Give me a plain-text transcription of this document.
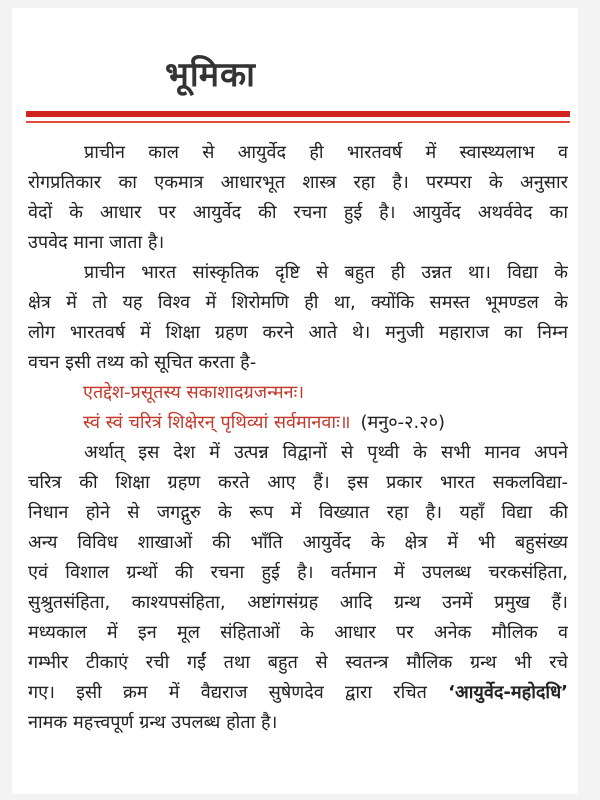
भूमिका

प्राचीन काल से आयुर्वेद ही भारतवर्ष में स्वास्थ्यलाभ व
रोगप्रतिकार का एकमात्र आधारभूत शास्त्र रहा है। परम्परा के अनुसार
वेदों के आधार पर आयुर्वेद की रचना हुई है। आयुर्वेद अथर्ववेद का
उपवेद माना जाता है।

प्राचीन भारत सांस्कृतिक दृष्टि से बहुत ही उन्नत था। विद्या के
क्षेत्र में तो यह विश्व में शिरोमणि ही था, क्योंकि समस्त भूमण्डल के
लोग भारतवर्ष में शिक्षा ग्रहण करने आते थे। मनुजी महाराज का निम्न
वचन इसी तथ्य को सूचित करता है-

एतद्देश-प्रसूतस्य सकाशादग्रजन्मनः।
स्वं स्वं चरित्रं शिक्षेरन् पृथिव्यां सर्वमानवाः॥ (मनु०-२.२०)

अर्थात् इस देश में उत्पन्न विद्वानों से पृथ्वी के सभी मानव अपने
चरित्र की शिक्षा ग्रहण करते आए हैं। इस प्रकार भारत सकलविद्या-
निधान होने से जगद्गुरु के रूप में विख्यात रहा है। यहाँ विद्या की
अन्य विविध शाखाओं की भाँति आयुर्वेद के क्षेत्र में भी बहुसंख्य
एवं विशाल ग्रन्थों की रचना हुई है। वर्तमान में उपलब्ध चरकसंहिता,
सुश्रुतसंहिता, काश्यपसंहिता, अष्टांगसंग्रह आदि ग्रन्थ उनमें प्रमुख हैं।
मध्यकाल में इन मूल संहिताओं के आधार पर अनेक मौलिक व
गम्भीर टीकाएं रची गईं तथा बहुत से स्वतन्त्र मौलिक ग्रन्थ भी रचे
गए। इसी क्रम में वैद्यराज सुषेणदेव द्वारा रचित ‘आयुर्वेद-महोदधि’
नामक महत्त्वपूर्ण ग्रन्थ उपलब्ध होता है।
